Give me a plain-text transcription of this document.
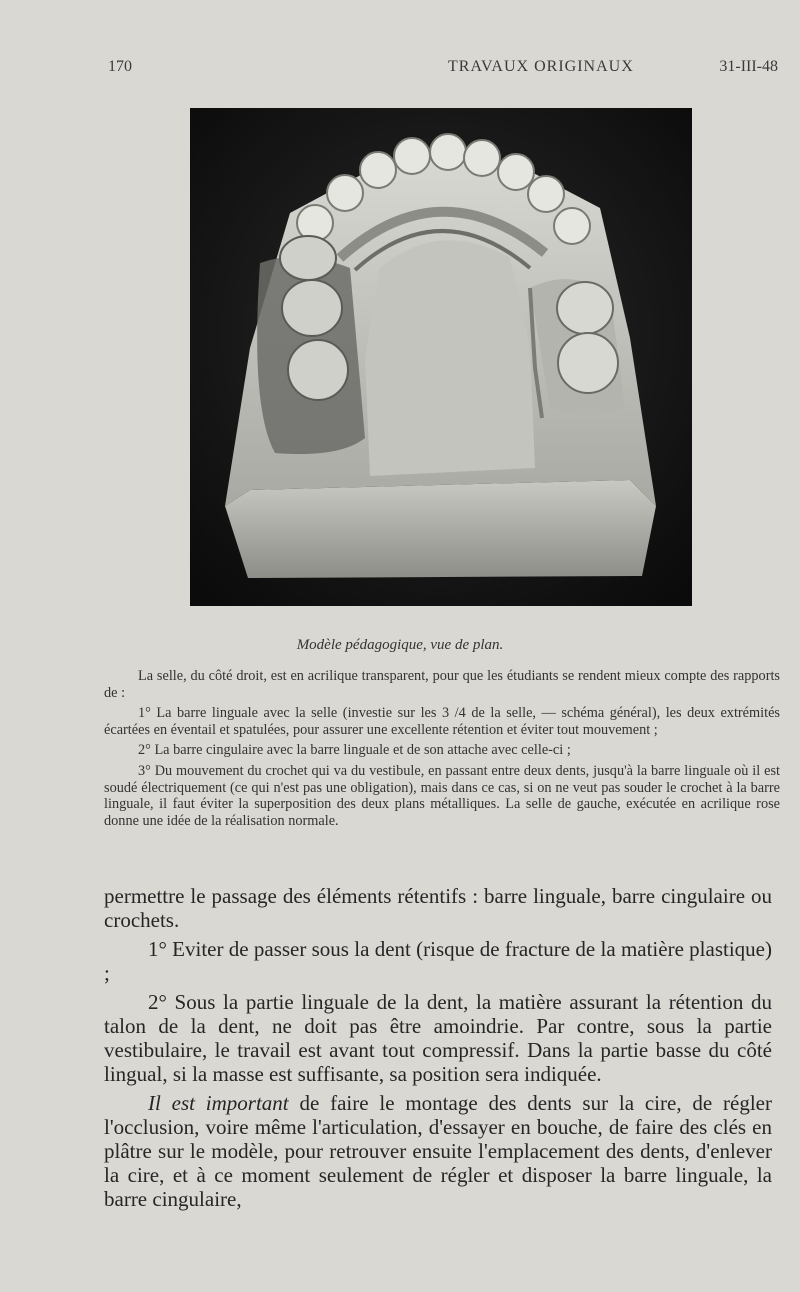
170	TRAVAUX ORIGINAUX	31-III-48
Modèle pédagogique, vue de plan.

La selle, du côté droit, est en acrilique transparent, pour que les étudiants se rendent mieux compte des rapports de :

1° La barre linguale avec la selle (investie sur les 3 /4 de la selle, — schéma général), les deux extrémités écartées en éventail et spatulées, pour assurer une excellente rétention et éviter tout mouvement ;

2° La barre cingulaire avec la barre linguale et de son attache avec celle-ci ;

3° Du mouvement du crochet qui va du vestibule, en passant entre deux dents, jusqu'à la barre linguale où il est soudé électriquement (ce qui n'est pas une obligation), mais dans ce cas, si on ne veut pas souder le crochet à la barre linguale, il faut éviter la superposition des deux plans métalliques. La selle de gauche, exécutée en acrilique rose donne une idée de la réalisation normale.

permettre le passage des éléments rétentifs : barre linguale, barre cingulaire ou crochets.

1° Eviter de passer sous la dent (risque de fracture de la matière plastique) ;

2° Sous la partie linguale de la dent, la matière assurant la rétention du talon de la dent, ne doit pas être amoindrie. Par contre, sous la partie vestibulaire, le travail est avant tout compressif. Dans la partie basse du côté lingual, si la masse est suffisante, sa position sera indiquée.

Il est important de faire le montage des dents sur la cire, de régler l'occlusion, voire même l'articulation, d'essayer en bouche, de faire des clés en plâtre sur le modèle, pour retrouver ensuite l'emplacement des dents, d'enlever la cire, et à ce moment seulement de régler et disposer la barre linguale, la barre cingulaire,
